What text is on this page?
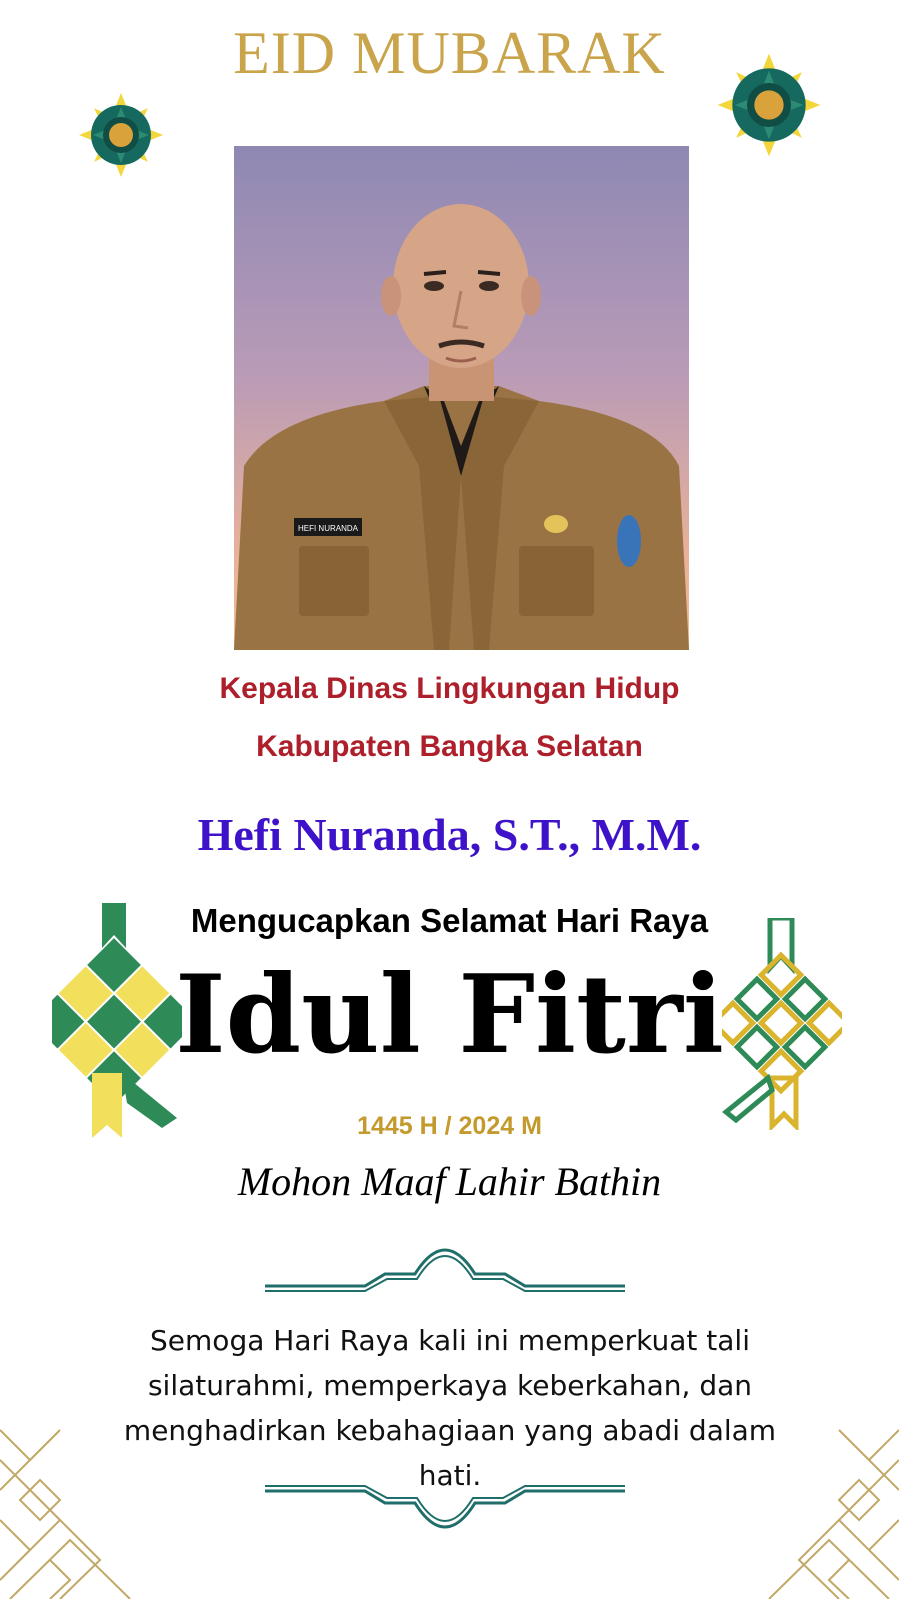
EID MUBARAK
HEFI NURANDA
Kepala Dinas Lingkungan Hidup
Kabupaten Bangka Selatan
Hefi Nuranda, S.T., M.M.
Mengucapkan Selamat Hari Raya
Idul Fitri
1445 H / 2024 M
Mohon Maaf Lahir Bathin
Semoga Hari Raya kali ini memperkuat tali silaturahmi, memperkaya keberkahan, dan menghadirkan kebahagiaan yang abadi dalam hati.
